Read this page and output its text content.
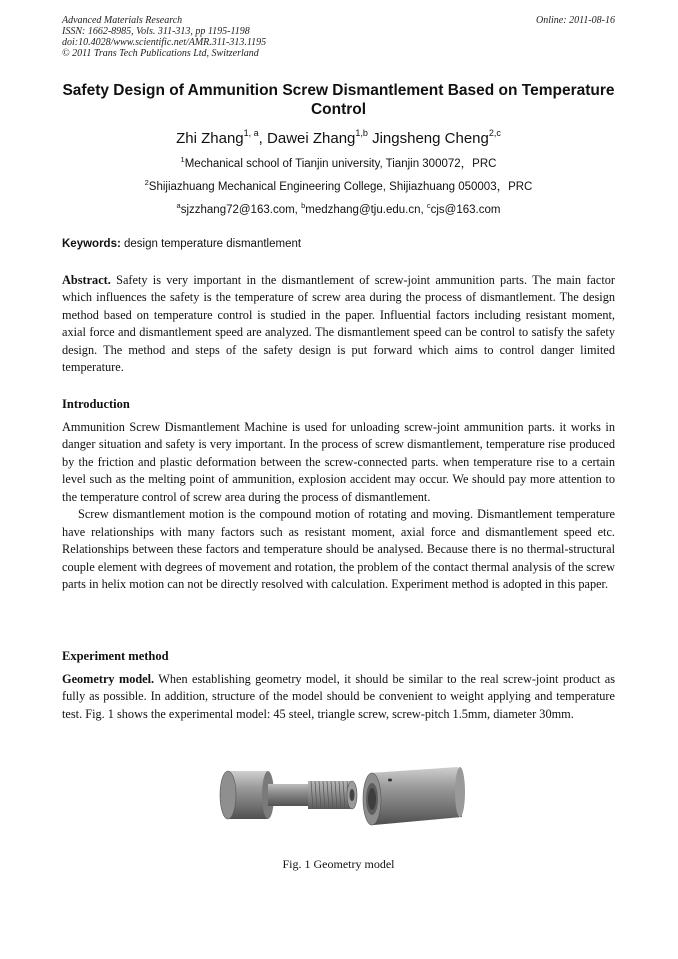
Advanced Materials Research
ISSN: 1662-8985, Vols. 311-313, pp 1195-1198
doi:10.4028/www.scientific.net/AMR.311-313.1195
© 2011 Trans Tech Publications Ltd, Switzerland
Online: 2011-08-16
Safety Design of Ammunition Screw Dismantlement Based on Temperature Control
Zhi Zhang$^{1, a}$, Dawei Zhang$^{1,b}$ Jingsheng Cheng$^{2,c}$
$^1$Mechanical school of Tianjin university, Tianjin 300072，PRC
$^2$Shijiazhuang Mechanical Engineering College, Shijiazhuang 050003，PRC
$^a$sjzzhang72@163.com, $^b$medzhang@tju.edu.cn, $^c$cjs@163.com
Keywords: design temperature dismantlement
Abstract. Safety is very important in the dismantlement of screw-joint ammunition parts. The main factor which influences the safety is the temperature of screw area during the process of dismantlement. The design method based on temperature control is studied in the paper. Influential factors including resistant moment, axial force and dismantlement speed are analyzed. The dismantlement speed can be control to satisfy the safety design. The method and steps of the safety design is put forward which aims to control danger limited temperature.
Introduction
Ammunition Screw Dismantlement Machine is used for unloading screw-joint ammunition parts. it works in danger situation and safety is very important. In the process of screw dismantlement, temperature rise produced by the friction and plastic deformation between the screw-connected parts. when temperature rise to a certain level such as the melting point of ammunition, explosion accident may occur. We should pay more attention to the temperature control of screw area during the process of dismantlement.
Screw dismantlement motion is the compound motion of rotating and moving. Dismantlement temperature have relationships with many factors such as resistant moment, axial force and dismantlement speed etc. Relationships between these factors and temperature should be analysed. Because there is no thermal-structural couple element with degrees of movement and rotation, the problem of the contact thermal analysis of the screw parts in helix motion can not be directly resolved with calculation. Experiment method is adopted in this paper.
Experiment method
Geometry model. When establishing geometry model, it should be similar to the real screw-joint product as fully as possible. In addition, structure of the model should be convenient to weight applying and temperature test. Fig. 1 shows the experimental model: 45 steel, triangle screw, screw-pitch 1.5mm, diameter 30mm.
Fig. 1 Geometry model
